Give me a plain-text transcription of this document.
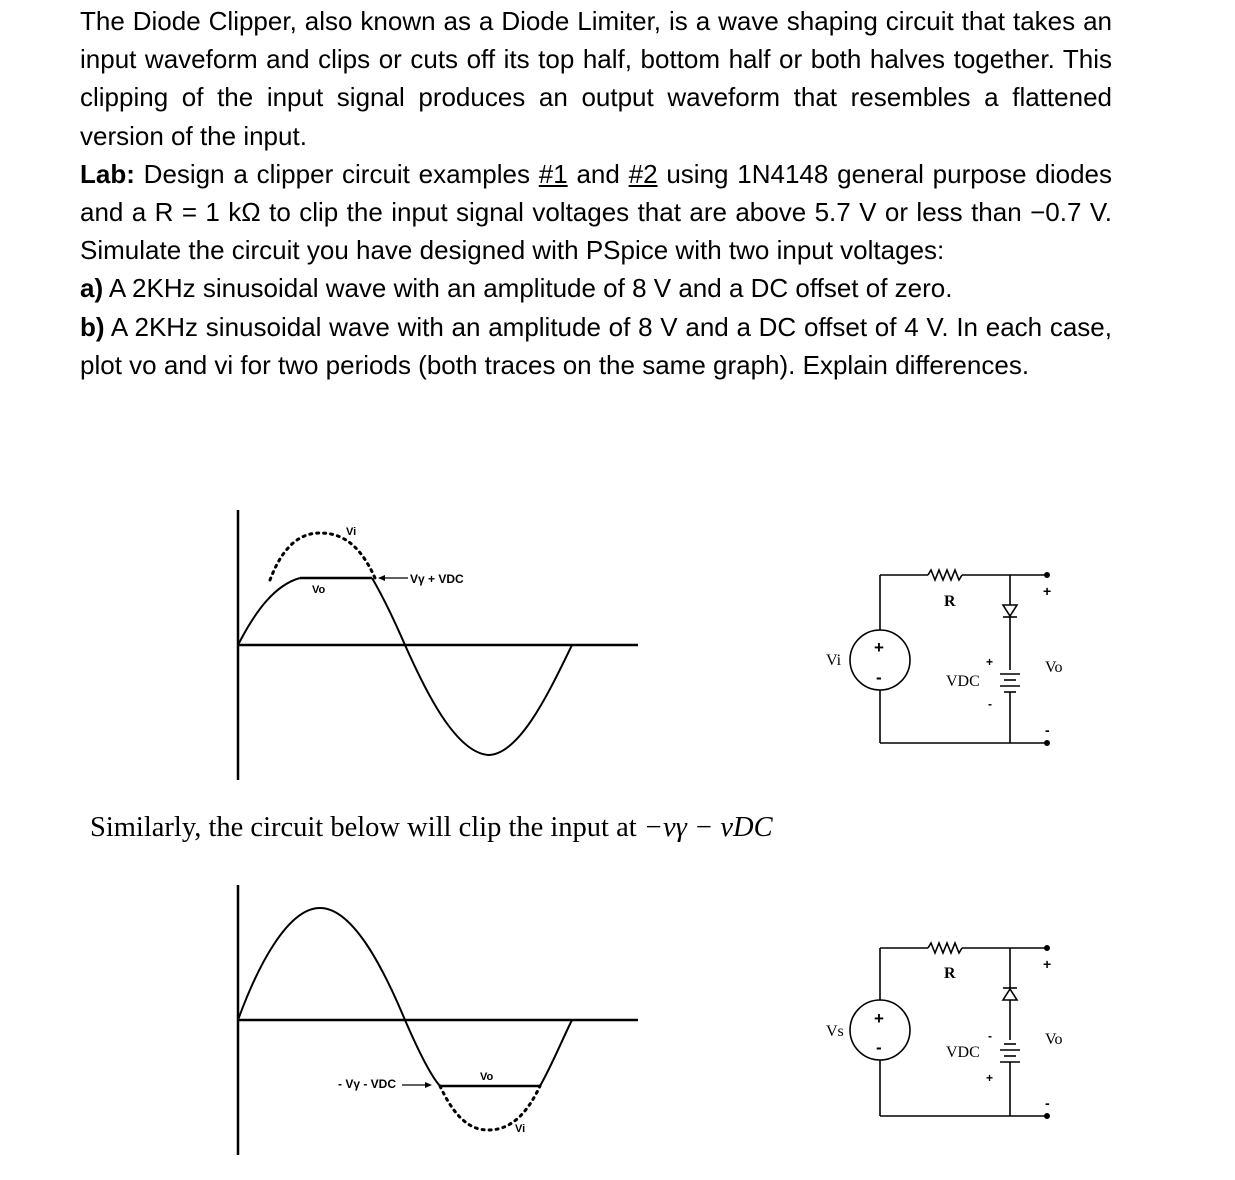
The Diode Clipper, also known as a Diode Limiter, is a wave shaping circuit that takes an input waveform and clips or cuts off its top half, bottom half or both halves together. This clipping of the input signal produces an output waveform that resembles a flattened version of the input.

Lab: Design a clipper circuit examples #1 and #2 using 1N4148 general purpose diodes and a R = 1 kΩ to clip the input signal voltages that are above 5.7 V or less than −0.7 V. Simulate the circuit you have designed with PSpice with two input voltages:

a) A 2KHz sinusoidal wave with an amplitude of 8 V and a DC offset of zero.

b) A 2KHz sinusoidal wave with an amplitude of 8 V and a DC offset of 4 V. In each case, plot vo and vi for two periods (both traces on the same graph). Explain differences.

Similarly, the circuit below will clip the input at −vγ − vDC
Vi
Vo
Vγ + VDC
+
-
Vi
R
VDC
+
-
+
-
Vo
Vo
Vi
- Vγ - VDC
+
-
Vs
R
VDC
-
+
+
-
Vo
